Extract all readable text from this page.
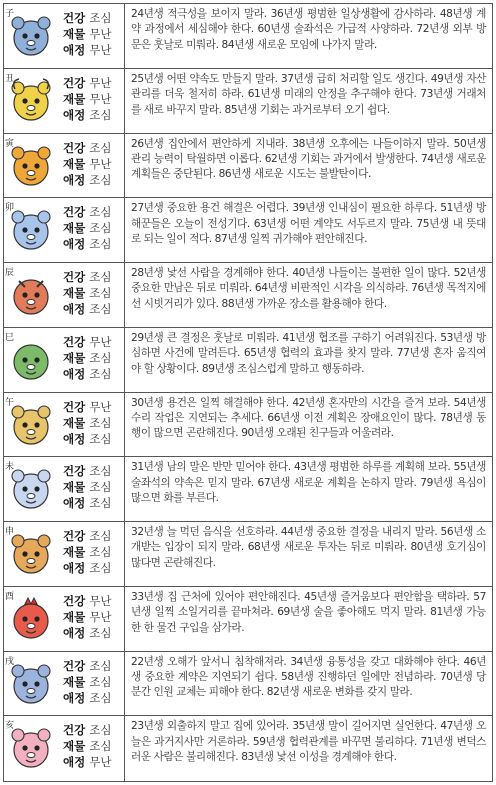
子	건강 조심
재물 무난
애정 무난
24년생 적극성을 보이지 말라. 36년생 평범한 일상생활에 감사하라. 48년생 계약 과정에서 세심해야 한다. 60년생 술좌석은 가급적 사양하라. 72년생 외부 방문은 훗날로 미뤄라. 84년생 새로운 모임에 나가지 말라.
丑	건강 무난
재물 무난
애정 조심
25년생 어떤 약속도 만들지 말라. 37년생 급히 처리할 일도 생긴다. 49년생 자산관리를 더욱 철저히 하라. 61년생 미래의 안정을 추구해야 한다. 73년생 거래처를 새로 바꾸지 말라. 85년생 기회는 과거로부터 오기 쉽다.
寅	건강 조심
재물 무난
애정 조심
26년생 집안에서 편안하게 지내라. 38년생 오후에는 나들이하지 말라. 50년생 관리 능력이 탁월하면 이롭다. 62년생 기회는 과거에서 발생한다. 74년생 새로운 계획들은 중단된다. 86년생 새로운 시도는 불발탄이다.
卯	건강 조심
재물 조심
애정 조심
27년생 중요한 용건 해결은 어렵다. 39년생 인내심이 필요한 하루다. 51년생 방해꾼들은 오늘이 전성기다. 63년생 어떤 계약도 서두르지 말라. 75년생 내 뜻대로 되는 일이 적다. 87년생 일찍 귀가해야 편안해진다.
辰	건강 조심
재물 조심
애정 조심
28년생 낯선 사람을 경계해야 한다. 40년생 나들이는 불편한 일이 많다. 52년생 중요한 만남은 뒤로 미뤄라. 64년생 비판적인 시각을 의식하라. 76년생 목적지에선 시빗거리가 있다. 88년생 가까운 장소를 활용해야 한다.
巳	건강 무난
재물 조심
애정 조심
29년생 큰 결정은 훗날로 미뤄라. 41년생 협조를 구하기 어려워진다. 53년생 방심하면 사건에 말려든다. 65년생 협력의 효과를 찾지 말라. 77년생 혼자 움직여야 할 상황이다. 89년생 조심스럽게 말하고 행동하라.
午	건강 무난
재물 조심
애정 조심
30년생 용건은 일찍 해결해야 한다. 42년생 혼자만의 시간을 즐겨 보라. 54년생 수리 작업은 지연되는 추세다. 66년생 이전 계획은 장애요인이 많다. 78년생 동행이 많으면 곤란해진다. 90년생 오래된 친구들과 어울려라.
未	건강 조심
재물 조심
애정 조심
31년생 남의 말은 반만 믿어야 한다. 43년생 평범한 하루를 계획해 보라. 55년생 술좌석의 약속은 믿지 말라. 67년생 새로운 계획을 논하지 말라. 79년생 욕심이 많으면 화를 부른다.
申	건강 조심
재물 조심
애정 조심
32년생 늘 먹던 음식을 선호하라. 44년생 중요한 결정을 내리지 말라. 56년생 소개받는 입장이 되지 말라. 68년생 새로운 투자는 뒤로 미뤄라. 80년생 호기심이 많다면 곤란해진다.
酉	건강 무난
재물 무난
애정 조심
33년생 집 근처에 있어야 편안해진다. 45년생 즐거움보다 편안함을 택하라. 57년생 일찍 소일거리를 끝마쳐라. 69년생 술을 좋아해도 먹지 말라. 81년생 가능한 한 물건 구입을 삼가라.
戌	건강 조심
재물 조심
애정 조심
22년생 오해가 앞서니 침착해져라. 34년생 융통성을 갖고 대화해야 한다. 46년생 중요한 계약은 지연되기 쉽다. 58년생 진행하던 일에만 전념하라. 70년생 당분간 인원 교체는 피해야 한다. 82년생 새로운 변화를 갖지 말라.
亥	건강 조심
재물 조심
애정 무난
23년생 외출하지 말고 집에 있어라. 35년생 말이 길어지면 실언한다. 47년생 오늘은 과거지사만 거론하라. 59년생 협력관계를 바꾸면 불리하다. 71년생 변덕스러운 사람은 불리해진다. 83년생 낯선 이성을 경계해야 한다.
